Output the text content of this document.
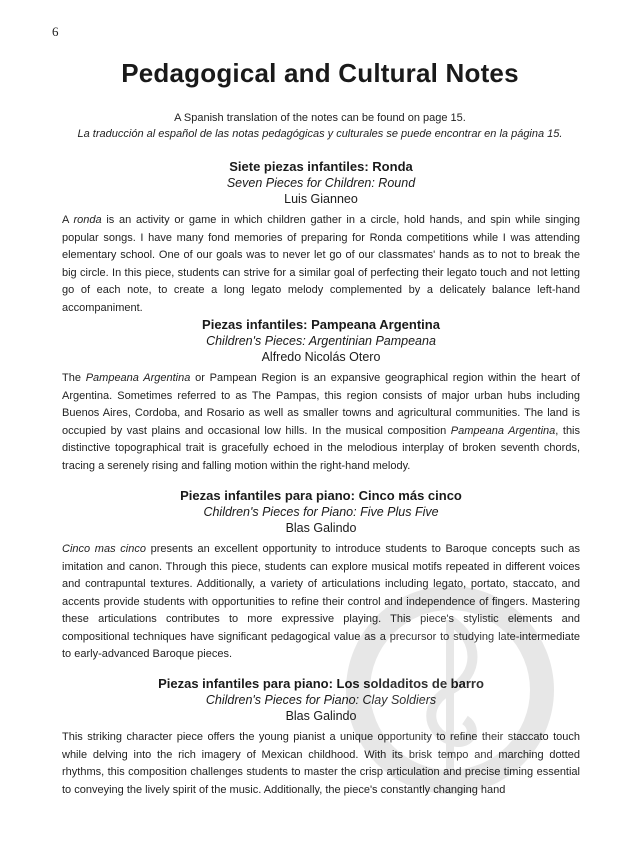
6
Pedagogical and Cultural Notes
A Spanish translation of the notes can be found on page 15.
La traducción al español de las notas pedagógicas y culturales se puede encontrar en la página 15.
Siete piezas infantiles: Ronda
Seven Pieces for Children: Round
Luis Gianneo

A ronda is an activity or game in which children gather in a circle, hold hands, and spin while singing popular songs. I have many fond memories of preparing for Ronda competitions while I was attending elementary school. One of our goals was to never let go of our classmates' hands as to not to break the big circle. In this piece, students can strive for a similar goal of perfecting their legato touch and not letting go of each note, to create a long legato melody complemented by a delicately balance left-hand accompaniment.

Piezas infantiles: Pampeana Argentina
Children's Pieces: Argentinian Pampeana
Alfredo Nicolás Otero

The Pampeana Argentina or Pampean Region is an expansive geographical region within the heart of Argentina. Sometimes referred to as The Pampas, this region consists of major urban hubs including Buenos Aires, Cordoba, and Rosario as well as smaller towns and agricultural communities. The land is occupied by vast plains and occasional low hills. In the musical composition Pampeana Argentina, this distinctive topographical trait is gracefully echoed in the melodious interplay of broken seventh chords, tracing a serenely rising and falling motion within the right-hand melody.

Piezas infantiles para piano: Cinco más cinco
Children's Pieces for Piano: Five Plus Five
Blas Galindo

Cinco mas cinco presents an excellent opportunity to introduce students to Baroque concepts such as imitation and canon. Through this piece, students can explore musical motifs repeated in different voices and contrapuntal textures. Additionally, a variety of articulations including legato, portato, staccato, and accents provide students with opportunities to refine their control and independence of fingers. Mastering these articulations contributes to more expressive playing. This piece's stylistic elements and compositional techniques have significant pedagogical value as a precursor to studying late-intermediate to early-advanced Baroque pieces.

Piezas infantiles para piano: Los soldaditos de barro
Children's Pieces for Piano: Clay Soldiers
Blas Galindo

This striking character piece offers the young pianist a unique opportunity to refine their staccato touch while delving into the rich imagery of Mexican childhood. With its brisk tempo and marching dotted rhythms, this composition challenges students to master the crisp articulation and precise timing essential to conveying the lively spirit of the music. Additionally, the piece's constantly changing hand
